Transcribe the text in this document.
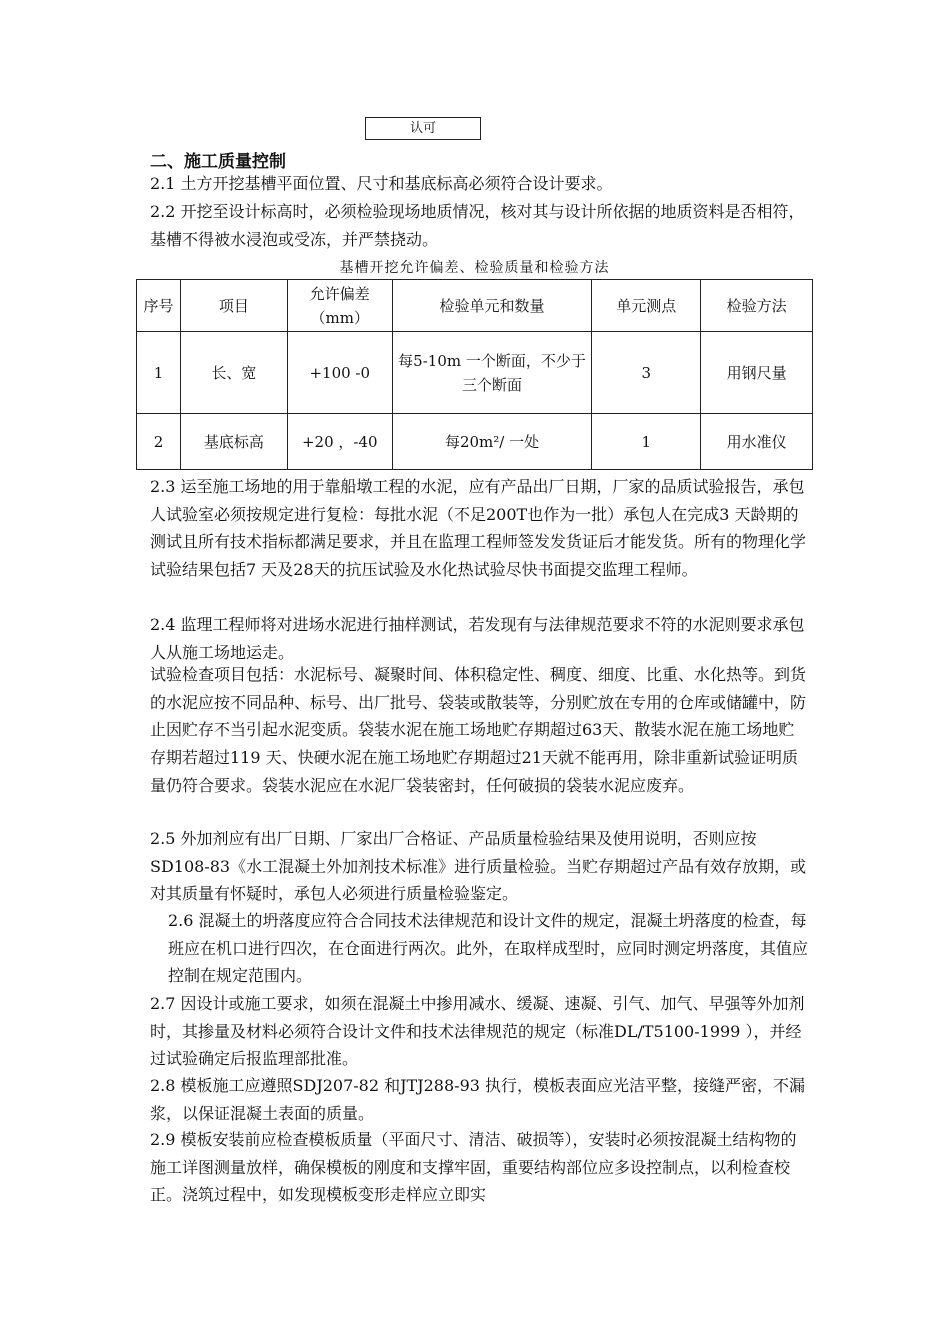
认可
二、施工质量控制
2.1 土方开挖基槽平面位置、尺寸和基底标高必须符合设计要求。
2.2 开挖至设计标高时，必须检验现场地质情况，核对其与设计所依据的地质资料是否相符，基槽不得被水浸泡或受冻，并严禁挠动。
基槽开挖允许偏差、检验质量和检验方法
序号	项目	允许偏差（mm）	检验单元和数量	单元测点	检验方法
1	长、宽	+100 -0	每5-10m 一个断面，不少于三个断面	3	用钢尺量
2	基底标高	+20 ，-40	每20m²/ 一处	1	用水准仪
2.3 运至施工场地的用于靠船墩工程的水泥，应有产品出厂日期，厂家的品质试验报告，承包人试验室必须按规定进行复检：每批水泥（不足200T也作为一批）承包人在完成3 天龄期的测试且所有技术指标都满足要求，并且在监理工程师签发发货证后才能发货。所有的物理化学试验结果包括7 天及28天的抗压试验及水化热试验尽快书面提交监理工程师。
2.4 监理工程师将对进场水泥进行抽样测试，若发现有与法律规范要求不符的水泥则要求承包人从施工场地运走。
试验检查项目包括：水泥标号、凝聚时间、体积稳定性、稠度、细度、比重、水化热等。到货的水泥应按不同品种、标号、出厂批号、袋装或散装等，分别贮放在专用的仓库或储罐中，防止因贮存不当引起水泥变质。袋装水泥在施工场地贮存期超过63天、散装水泥在施工场地贮存期若超过119 天、快硬水泥在施工场地贮存期超过21天就不能再用，除非重新试验证明质量仍符合要求。袋装水泥应在水泥厂袋装密封，任何破损的袋装水泥应废弃。
2.5 外加剂应有出厂日期、厂家出厂合格证、产品质量检验结果及使用说明，否则应按SD108-83《水工混凝土外加剂技术标准》进行质量检验。当贮存期超过产品有效存放期，或对其质量有怀疑时，承包人必须进行质量检验鉴定。
2.6 混凝土的坍落度应符合合同技术法律规范和设计文件的规定，混凝土坍落度的检查，每班应在机口进行四次，在仓面进行两次。此外，在取样成型时，应同时测定坍落度，其值应控制在规定范围内。
2.7 因设计或施工要求，如须在混凝土中掺用减水、缓凝、速凝、引气、加气、早强等外加剂时，其掺量及材料必须符合设计文件和技术法律规范的规定（标准DL/T5100-1999 ），并经过试验确定后报监理部批准。
2.8 模板施工应遵照SDJ207-82 和JTJ288-93 执行，模板表面应光洁平整，接缝严密，不漏浆，以保证混凝土表面的质量。
2.9 模板安装前应检查模板质量（平面尺寸、清洁、破损等），安装时必须按混凝土结构物的施工详图测量放样，确保模板的刚度和支撑牢固，重要结构部位应多设控制点，以利检查校正。浇筑过程中，如发现模板变形走样应立即实
